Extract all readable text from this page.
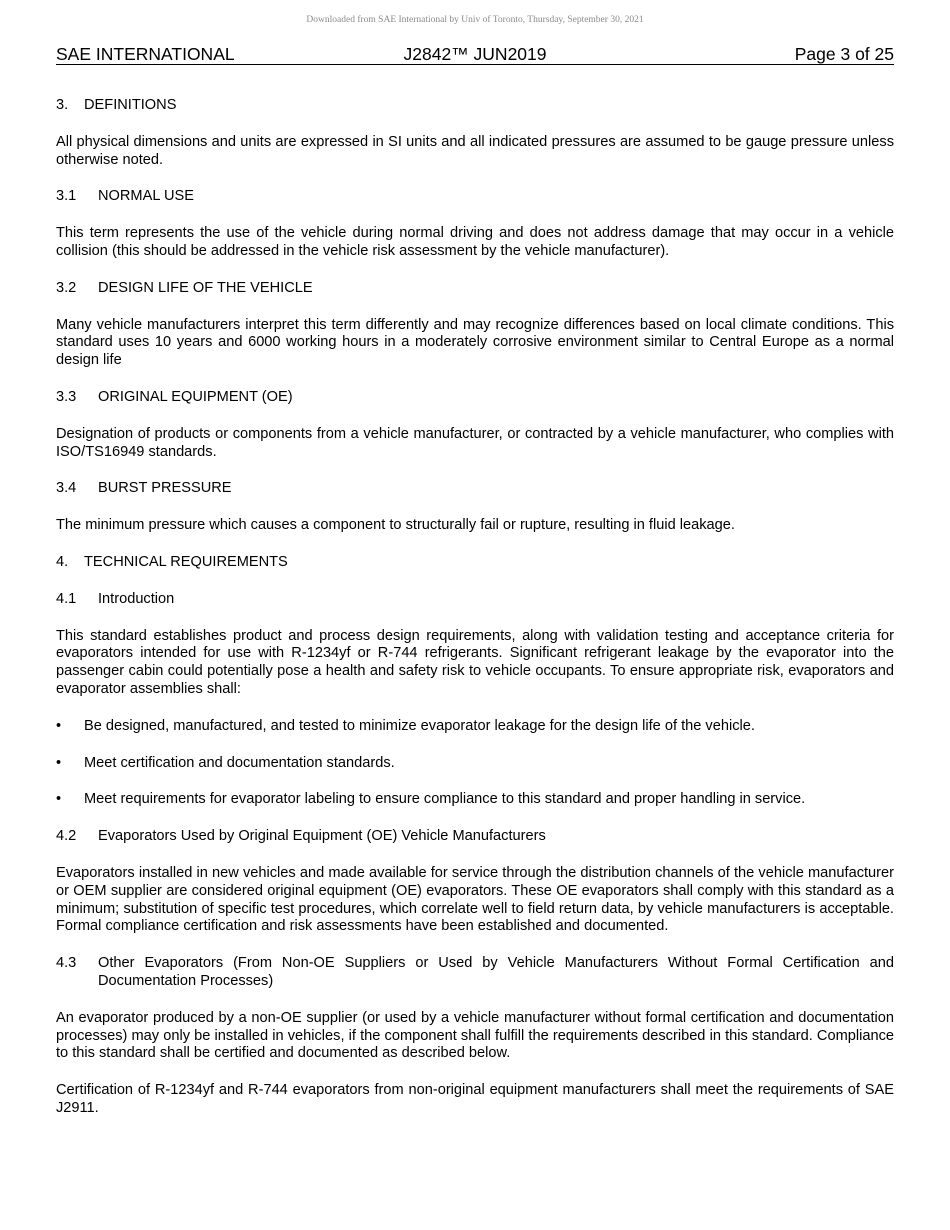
Downloaded from SAE International by Univ of Toronto, Thursday, September 30, 2021
J2842™ JUN2019
SAE INTERNATIONAL	Page 3 of 25
3. DEFINITIONS

All physical dimensions and units are expressed in SI units and all indicated pressures are assumed to be gauge pressure unless otherwise noted.

3.1 NORMAL USE

This term represents the use of the vehicle during normal driving and does not address damage that may occur in a vehicle collision (this should be addressed in the vehicle risk assessment by the vehicle manufacturer).

3.2 DESIGN LIFE OF THE VEHICLE

Many vehicle manufacturers interpret this term differently and may recognize differences based on local climate conditions. This standard uses 10 years and 6000 working hours in a moderately corrosive environment similar to Central Europe as a normal design life

3.3 ORIGINAL EQUIPMENT (OE)

Designation of products or components from a vehicle manufacturer, or contracted by a vehicle manufacturer, who complies with ISO/TS16949 standards.

3.4 BURST PRESSURE

The minimum pressure which causes a component to structurally fail or rupture, resulting in fluid leakage.

4. TECHNICAL REQUIREMENTS
4.1 Introduction

This standard establishes product and process design requirements, along with validation testing and acceptance criteria for evaporators intended for use with R-1234yf or R-744 refrigerants. Significant refrigerant leakage by the evaporator into the passenger cabin could potentially pose a health and safety risk to vehicle occupants. To ensure appropriate risk, evaporators and evaporator assemblies shall:

•	Be designed, manufactured, and tested to minimize evaporator leakage for the design life of the vehicle.
•	Meet certification and documentation standards.
•	Meet requirements for evaporator labeling to ensure compliance to this standard and proper handling in service.
4.2 Evaporators Used by Original Equipment (OE) Vehicle Manufacturers

Evaporators installed in new vehicles and made available for service through the distribution channels of the vehicle manufacturer or OEM supplier are considered original equipment (OE) evaporators. These OE evaporators shall comply with this standard as a minimum; substitution of specific test procedures, which correlate well to field return data, by vehicle manufacturers is acceptable. Formal compliance certification and risk assessments have been established and documented.

4.3	Other Evaporators (From Non-OE Suppliers or Used by Vehicle Manufacturers Without Formal Certification and Documentation Processes)

An evaporator produced by a non-OE supplier (or used by a vehicle manufacturer without formal certification and documentation processes) may only be installed in vehicles, if the component shall fulfill the requirements described in this standard. Compliance to this standard shall be certified and documented as described below.

Certification of R-1234yf and R-744 evaporators from non-original equipment manufacturers shall meet the requirements of SAE J2911.
